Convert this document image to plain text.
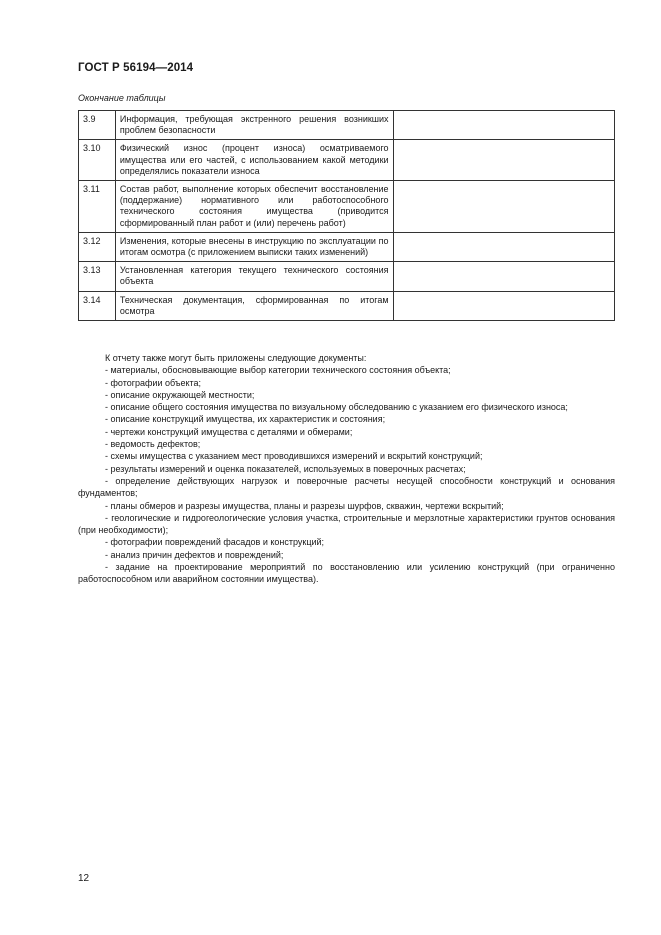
ГОСТ Р 56194—2014
Окончание таблицы
3.9	Информация, требующая экстренного решения возникших проблем безопасности	
3.10	Физический износ (процент износа) осматриваемого имущества или его частей, с использованием какой методики определялись показатели износа	
3.11	Состав работ, выполнение которых обеспечит восстановление (поддержание) нормативного или работоспособного технического состояния имущества (приводится сформированный план работ и (или) перечень работ)	
3.12	Изменения, которые внесены в инструкцию по эксплуатации по итогам осмотра (с приложением выписки таких изменений)	
3.13	Установленная категория текущего технического состояния объекта	
3.14	Техническая документация, сформированная по итогам осмотра	

К отчету также могут быть приложены следующие документы:

- материалы, обосновывающие выбор категории технического состояния объекта;

- фотографии объекта;

- описание окружающей местности;

- описание общего состояния имущества по визуальному обследованию с указанием его физического износа;

- описание конструкций имущества, их характеристик и состояния;

- чертежи конструкций имущества с деталями и обмерами;

- ведомость дефектов;

- схемы имущества с указанием мест проводившихся измерений и вскрытий конструкций;

- результаты измерений и оценка показателей, используемых в поверочных расчетах;

- определение действующих нагрузок и поверочные расчеты несущей способности конструкций и основания фундаментов;

- планы обмеров и разрезы имущества, планы и разрезы шурфов, скважин, чертежи вскрытий;

- геологические и гидрогеологические условия участка, строительные и мерзлотные характеристики грунтов основания (при необходимости);

- фотографии повреждений фасадов и конструкций;

- анализ причин дефектов и повреждений;

- задание на проектирование мероприятий по восстановлению или усилению конструкций (при ограниченно работоспособном или аварийном состоянии имущества).

12
